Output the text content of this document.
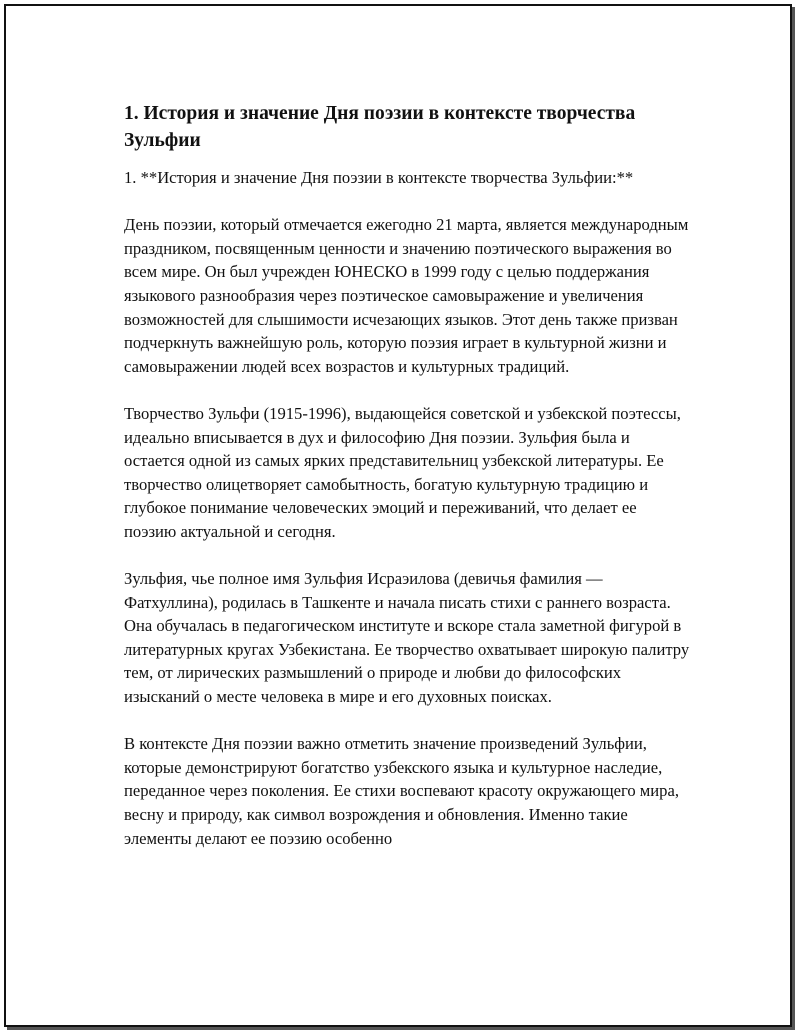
1. История и значение Дня поэзии в контексте творчества Зульфии
1. **История и значение Дня поэзии в контексте творчества Зульфии:**
День поэзии, который отмечается ежегодно 21 марта, является международным праздником, посвященным ценности и значению поэтического выражения во всем мире. Он был учрежден ЮНЕСКО в 1999 году с целью поддержания языкового разнообразия через поэтическое самовыражение и увеличения возможностей для слышимости исчезающих языков. Этот день также призван подчеркнуть важнейшую роль, которую поэзия играет в культурной жизни и самовыражении людей всех возрастов и культурных традиций.
Творчество Зульфи (1915-1996), выдающейся советской и узбекской поэтессы, идеально вписывается в дух и философию Дня поэзии. Зульфия была и остается одной из самых ярких представительниц узбекской литературы. Ее творчество олицетворяет самобытность, богатую культурную традицию и глубокое понимание человеческих эмоций и переживаний, что делает ее поэзию актуальной и сегодня.
Зульфия, чье полное имя Зульфия Исраэилова (девичья фамилия — Фатхуллина), родилась в Ташкенте и начала писать стихи с раннего возраста. Она обучалась в педагогическом институте и вскоре стала заметной фигурой в литературных кругах Узбекистана. Ее творчество охватывает широкую палитру тем, от лирических размышлений о природе и любви до философских изысканий о месте человека в мире и его духовных поисках.
В контексте Дня поэзии важно отметить значение произведений Зульфии, которые демонстрируют богатство узбекского языка и культурное наследие, переданное через поколения. Ее стихи воспевают красоту окружающего мира, весну и природу, как символ возрождения и обновления. Именно такие элементы делают ее поэзию особенно
